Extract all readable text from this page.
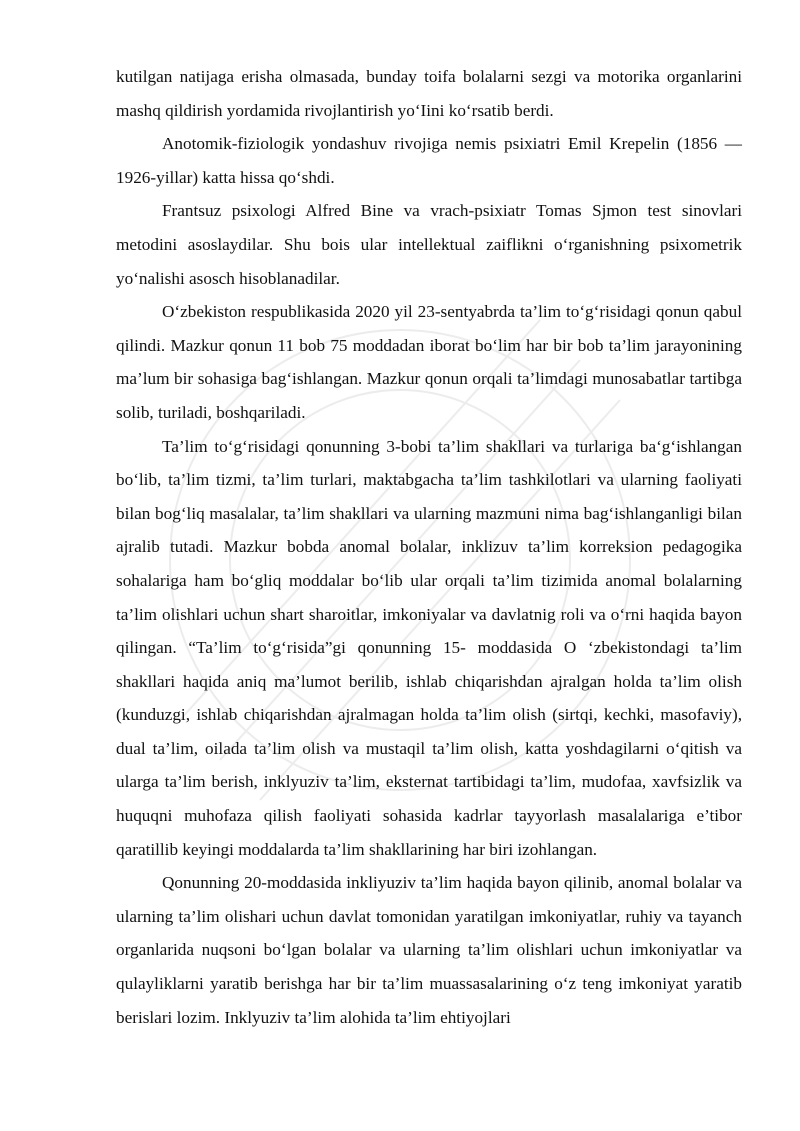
kutilgan natijaga erisha olmasada, bunday toifa bolalarni sezgi va motorika organlarini mashq qildirish yordamida rivojlantirish yoʻIini koʻrsatib berdi.

Anotomik-fiziologik yondashuv rivojiga nemis psixiatri Emil Krepelin (1856 —1926-yillar) katta hissa qoʻshdi.

Frantsuz psixologi Alfred Bine va vrach-psixiatr Tomas Sjmon test sinovlari metodini asoslaydilar. Shu bois ular intellektual zaiflikni oʻrganishning psixometrik yoʻnalishi asosch hisoblanadilar.

Oʻzbekiston respublikasida 2020 yil 23-sentyabrda ta’lim toʻgʻrisidagi qonun qabul qilindi. Mazkur qonun 11 bob 75 moddadan iborat boʻlim har bir bob ta’lim jarayonining ma’lum bir sohasiga bagʻishlangan. Mazkur qonun orqali ta’limdagi munosabatlar tartibga solib, turiladi, boshqariladi.

Ta’lim toʻgʻrisidagi qonunning 3-bobi ta’lim shakllari va turlariga baʻgʻishlangan boʻlib, ta’lim tizmi, ta’lim turlari, maktabgacha ta’lim tashkilotlari va ularning faoliyati bilan bogʻliq masalalar, ta’lim shakllari va ularning mazmuni nima bagʻishlanganligi bilan ajralib tutadi. Mazkur bobda anomal bolalar, inklizuv ta’lim korreksion pedagogika sohalariga ham boʻgliq moddalar boʻlib ular orqali ta’lim tizimida anomal bolalarning ta’lim olishlari uchun shart sharoitlar, imkoniyalar va davlatnig roli va oʻrni haqida bayon qilingan. “Ta’lim toʻgʻrisida”gi qonunning 15- moddasida O ‘zbekistondagi ta’lim shakllari haqida aniq ma’lumot berilib, ishlab chiqarishdan ajralgan holda ta’lim olish (kunduzgi, ishlab chiqarishdan ajralmagan holda ta’lim olish (sirtqi, kechki, masofaviy), dual ta’lim, oilada ta’lim olish va mustaqil ta’lim olish, katta yoshdagilarni oʻqitish va ularga ta’lim berish, inklyuziv ta’lim, eksternat tartibidagi ta’lim, mudofaa, xavfsizlik va huquqni muhofaza qilish faoliyati sohasida kadrlar tayyorlash masalalariga e’tibor qaratillib keyingi moddalarda ta’lim shakllarining har biri izohlangan.

Qonunning 20-moddasida inkliyuziv ta’lim haqida bayon qilinib, anomal bolalar va ularning ta’lim olishari uchun davlat tomonidan yaratilgan imkoniyatlar, ruhiy va tayanch organlarida nuqsoni boʻlgan bolalar va ularning ta’lim olishlari uchun imkoniyatlar va qulayliklarni yaratib berishga har bir ta’lim muassasalarining oʻz teng imkoniyat yaratib berislari lozim. Inklyuziv ta’lim alohida ta’lim ehtiyojlari
